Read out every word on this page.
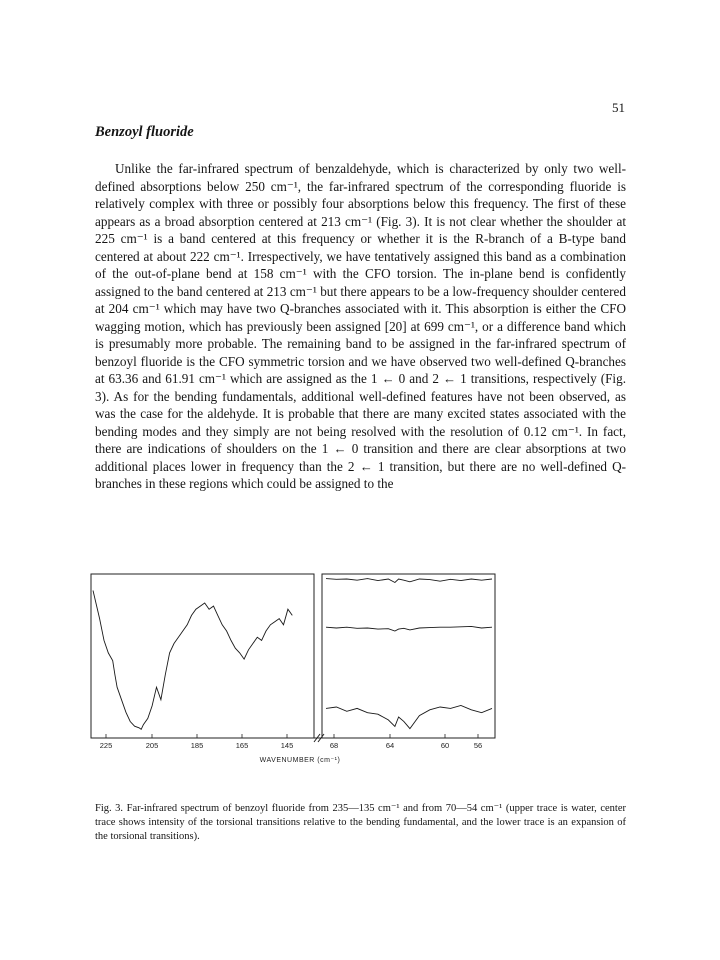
51
Benzoyl fluoride

Unlike the far-infrared spectrum of benzaldehyde, which is characterized by only two well-defined absorptions below 250 cm⁻¹, the far-infrared spectrum of the corresponding fluoride is relatively complex with three or possibly four absorptions below this frequency. The first of these appears as a broad absorption centered at 213 cm⁻¹ (Fig. 3). It is not clear whether the shoulder at 225 cm⁻¹ is a band centered at this frequency or whether it is the R-branch of a B-type band centered at about 222 cm⁻¹. Irrespectively, we have tentatively assigned this band as a combination of the out-of-plane bend at 158 cm⁻¹ with the CFO torsion. The in-plane bend is confidently assigned to the band centered at 213 cm⁻¹ but there appears to be a low-frequency shoulder centered at 204 cm⁻¹ which may have two Q-branches associated with it. This absorption is either the CFO wagging motion, which has previously been assigned [20] at 699 cm⁻¹, or a difference band which is presumably more probable. The remaining band to be assigned in the far-infrared spectrum of benzoyl fluoride is the CFO symmetric torsion and we have observed two well-defined Q-branches at 63.36 and 61.91 cm⁻¹ which are assigned as the 1 ← 0 and 2 ← 1 transitions, respectively (Fig. 3). As for the bending fundamentals, additional well-defined features have not been observed, as was the case for the aldehyde. It is probable that there are many excited states associated with the bending modes and they simply are not being resolved with the resolution of 0.12 cm⁻¹. In fact, there are indications of shoulders on the 1 ← 0 transition and there are clear absorptions at two additional places lower in frequency than the 2 ← 1 transition, but there are no well-defined Q-branches in these regions which could be assigned to the

225	205	185	165	145	68	64	60	56
WAVENUMBER (cm⁻¹)

Fig. 3. Far-infrared spectrum of benzoyl fluoride from 235—135 cm⁻¹ and from 70—54 cm⁻¹ (upper trace is water, center trace shows intensity of the torsional transitions relative to the bending fundamental, and the lower trace is an expansion of the torsional transitions).
